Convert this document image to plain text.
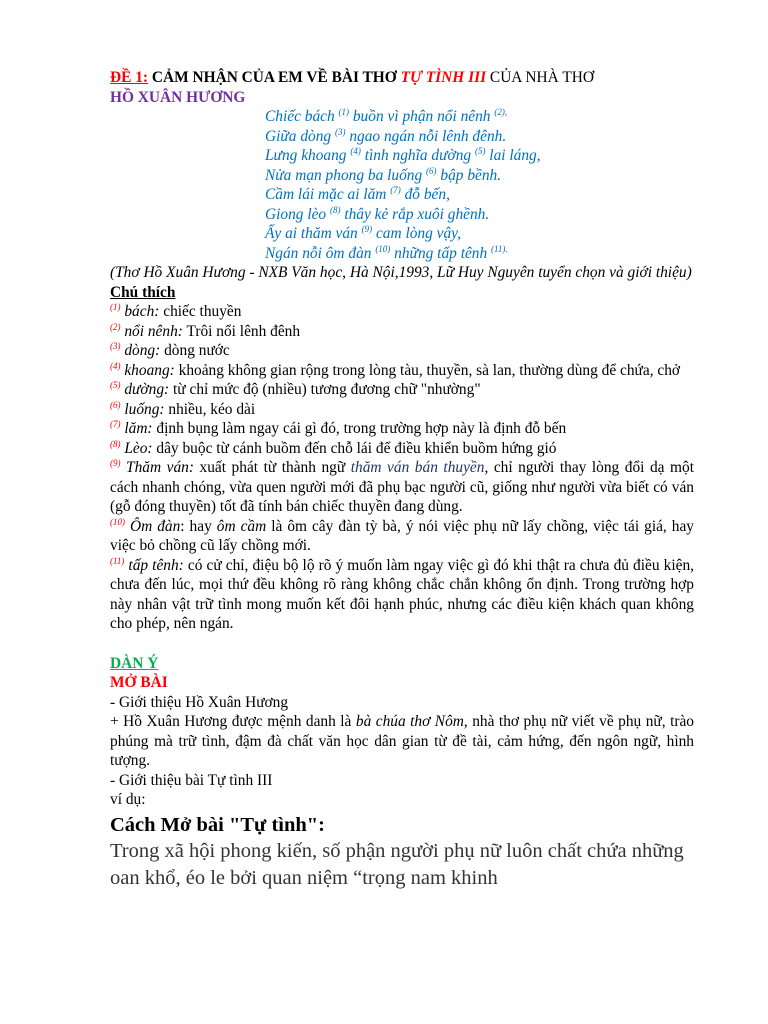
ĐỀ 1: CẢM NHẬN CỦA EM VỀ BÀI THƠ TỰ TÌNH III CỦA NHÀ THƠ
HỒ XUÂN HƯƠNG
Chiếc bách $^{(1)}$ buồn vì phận nổi nênh $^{(2),}$
Giữa dòng $^{(3)}$ ngao ngán nỗi lênh đênh.
Lưng khoang $^{(4)}$ tình nghĩa dường $^{(5)}$ lai láng,
Nửa mạn phong ba luống $^{(6)}$ bập bềnh.
Cầm lái mặc ai lăm $^{(7)}$ đỗ bến,
Giong lèo $^{(8)}$ thây kẻ rắp xuôi ghềnh.
Ấy ai thăm ván $^{(9)}$ cam lòng vậy,
Ngán nỗi ôm đàn $^{(10)}$ những tấp tênh $^{(11).}$
(Thơ Hồ Xuân Hương - NXB Văn học, Hà Nội,1993, Lữ Huy Nguyên tuyển chọn và giới thiệu)
Chú thích
$^{(1)}$ bách: chiếc thuyền
$^{(2)}$ nổi nênh: Trôi nổi lênh đênh
$^{(3)}$ dòng: dòng nước
$^{(4)}$ khoang: khoảng không gian rộng trong lòng tàu, thuyền, sà lan, thường dùng để chứa, chở
$^{(5)}$ dường: từ chỉ mức độ (nhiều) tương đương chữ "nhường"
$^{(6)}$ luống: nhiều, kéo dài
$^{(7)}$ lăm: định bụng làm ngay cái gì đó, trong trường hợp này là định đỗ bến
$^{(8)}$ Lèo: dây buộc từ cánh buồm đến chỗ lái để điều khiển buồm hứng gió
$^{(9)}$ Thăm ván: xuất phát từ thành ngữ thăm ván bán thuyền, chỉ người thay lòng đổi dạ một cách nhanh chóng, vừa quen người mới đã phụ bạc người cũ, giống như người vừa biết có ván (gỗ đóng thuyền) tốt đã tính bán chiếc thuyền đang dùng.
$^{(10)}$ Ôm đàn: hay ôm cầm là ôm cây đàn tỳ bà, ý nói việc phụ nữ lấy chồng, việc tái giá, hay việc bỏ chồng cũ lấy chồng mới.
$^{(11)}$ tấp tênh: có cử chỉ, điệu bộ lộ rõ ý muốn làm ngay việc gì đó khi thật ra chưa đủ điều kiện, chưa đến lúc, mọi thứ đều không rõ ràng không chắc chắn không ổn định. Trong trường hợp này nhân vật trữ tình mong muốn kết đôi hạnh phúc, nhưng các điều kiện khách quan không cho phép, nên ngán.
DÀN Ý
MỞ BÀI
- Giới thiệu Hồ Xuân Hương
+ Hồ Xuân Hương được mệnh danh là bà chúa thơ Nôm, nhà thơ phụ nữ viết về phụ nữ, trào phúng mà trữ tình, đậm đà chất văn học dân gian từ đề tài, cảm hứng, đến ngôn ngữ, hình tượng.
- Giới thiệu bài Tự tình III
ví dụ:
Cách Mở bài "Tự tình":
Trong xã hội phong kiến, số phận người phụ nữ luôn chất chứa những oan khổ, éo le bởi quan niệm “trọng nam khinh
